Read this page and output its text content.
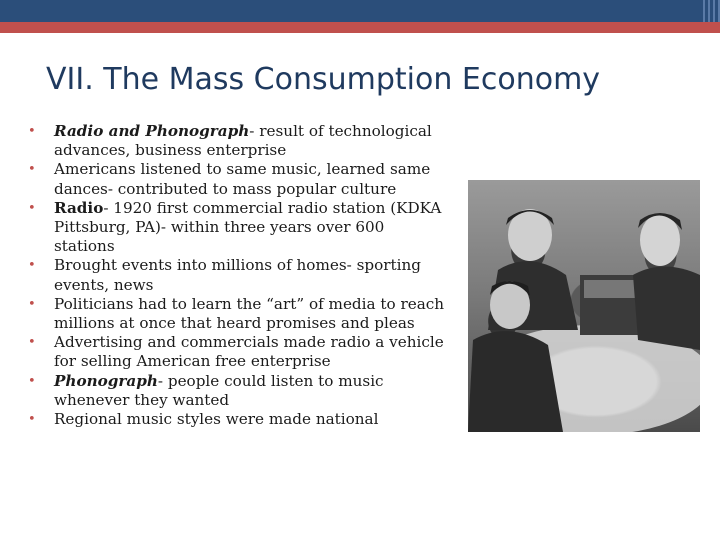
VII. The Mass Consumption Economy
• Radio and Phonograph- result of technological advances, business enterprise
• Americans listened to same music, learned same dances- contributed to mass popular culture
• Radio- 1920 first commercial radio station (KDKA Pittsburg, PA)- within three years over 600 stations
• Brought events into millions of homes- sporting events, news
• Politicians had to learn the “art” of media to reach millions at once that heard promises and pleas
• Advertising and commercials made radio a vehicle for selling American free enterprise
• Phonograph- people could listen to music whenever they wanted
• Regional music styles were made national
